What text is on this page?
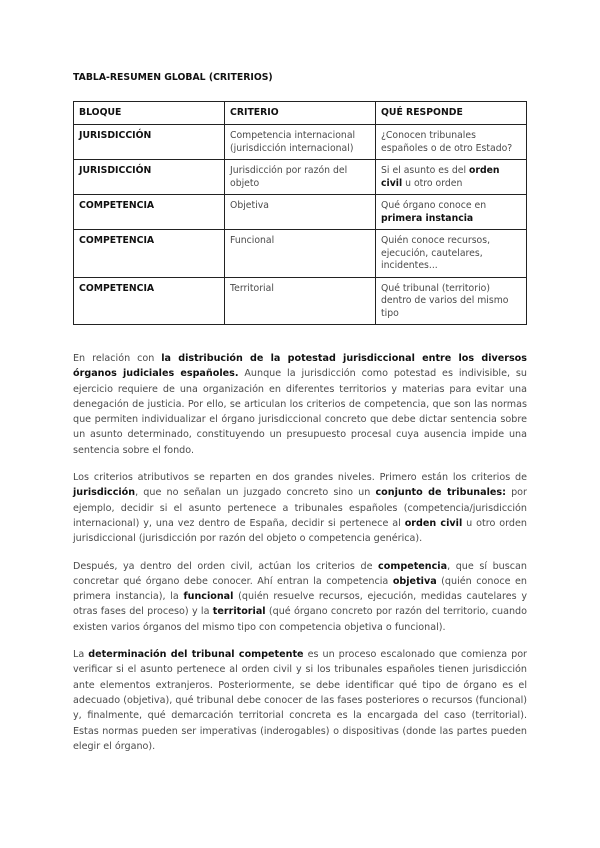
TABLA-RESUMEN GLOBAL (CRITERIOS)
BLOQUE	CRITERIO	QUÉ RESPONDE
JURISDICCIÓN	Competencia internacional (jurisdicción internacional)	¿Conocen tribunales españoles o de otro Estado?
JURISDICCIÓN	Jurisdicción por razón del objeto	Si el asunto es del orden civil u otro orden
COMPETENCIA	Objetiva	Qué órgano conoce en primera instancia
COMPETENCIA	Funcional	Quién conoce recursos, ejecución, cautelares, incidentes...
COMPETENCIA	Territorial	Qué tribunal (territorio) dentro de varios del mismo tipo

En relación con la distribución de la potestad jurisdiccional entre los diversos órganos judiciales españoles. Aunque la jurisdicción como potestad es indivisible, su ejercicio requiere de una organización en diferentes territorios y materias para evitar una denegación de justicia. Por ello, se articulan los criterios de competencia, que son las normas que permiten individualizar el órgano jurisdiccional concreto que debe dictar sentencia sobre un asunto determinado, constituyendo un presupuesto procesal cuya ausencia impide una sentencia sobre el fondo.

Los criterios atributivos se reparten en dos grandes niveles. Primero están los criterios de jurisdicción, que no señalan un juzgado concreto sino un conjunto de tribunales: por ejemplo, decidir si el asunto pertenece a tribunales españoles (competencia/jurisdicción internacional) y, una vez dentro de España, decidir si pertenece al orden civil u otro orden jurisdiccional (jurisdicción por razón del objeto o competencia genérica).

Después, ya dentro del orden civil, actúan los criterios de competencia, que sí buscan concretar qué órgano debe conocer. Ahí entran la competencia objetiva (quién conoce en primera instancia), la funcional (quién resuelve recursos, ejecución, medidas cautelares y otras fases del proceso) y la territorial (qué órgano concreto por razón del territorio, cuando existen varios órganos del mismo tipo con competencia objetiva o funcional).

La determinación del tribunal competente es un proceso escalonado que comienza por verificar si el asunto pertenece al orden civil y si los tribunales españoles tienen jurisdicción ante elementos extranjeros. Posteriormente, se debe identificar qué tipo de órgano es el adecuado (objetiva), qué tribunal debe conocer de las fases posteriores o recursos (funcional) y, finalmente, qué demarcación territorial concreta es la encargada del caso (territorial). Estas normas pueden ser imperativas (inderogables) o dispositivas (donde las partes pueden elegir el órgano).
